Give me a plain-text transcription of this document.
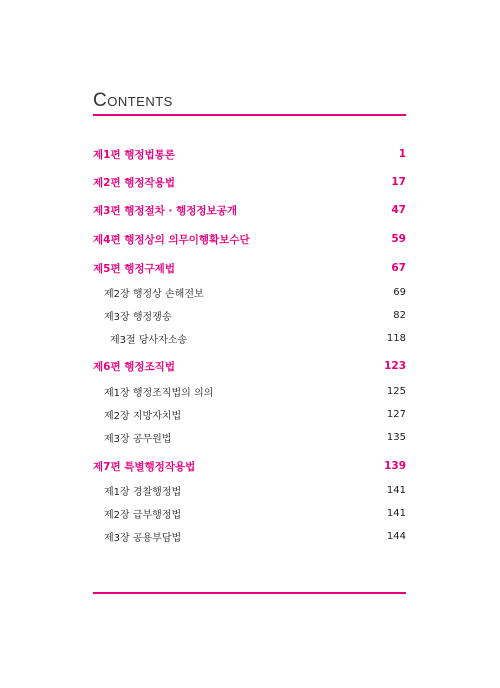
Contents
제1편 행정법통론	1
제2편 행정작용법	17
제3편 행정절차 · 행정정보공개	47
제4편 행정상의 의무이행확보수단	59
제5편 행정구제법	67
제2장 행정상 손해전보	69
제3장 행정쟁송	82
제3절 당사자소송	118
제6편 행정조직법	123
제1장 행정조직법의 의의	125
제2장 지방자치법	127
제3장 공무원법	135
제7편 특별행정작용법	139
제1장 경찰행정법	141
제2장 급부행정법	141
제3장 공용부담법	144
